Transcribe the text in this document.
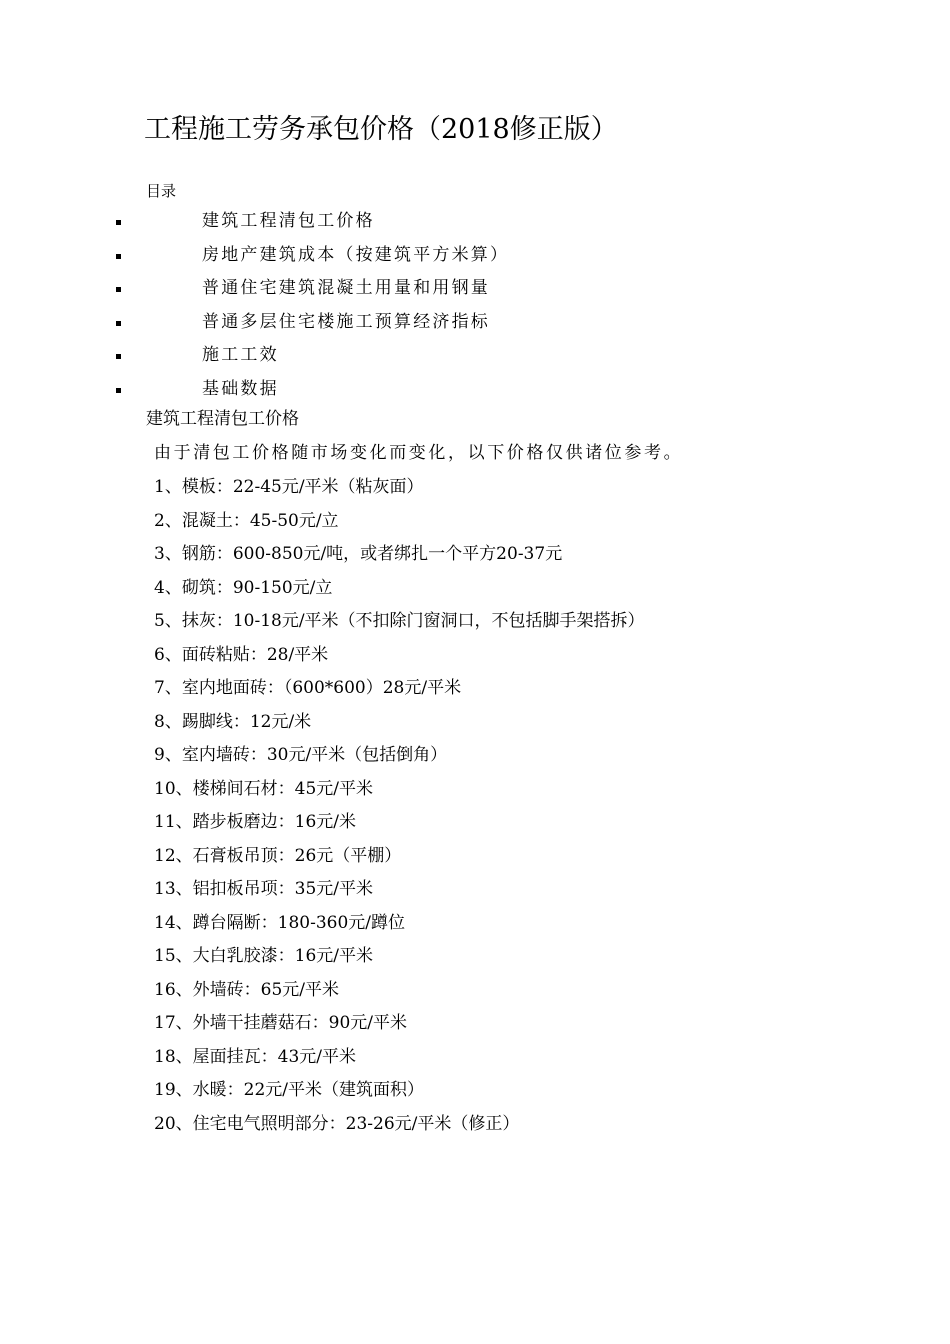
工程施工劳务承包价格（2018修正版）
目录
建筑工程清包工价格
房地产建筑成本（按建筑平方米算）
普通住宅建筑混凝土用量和用钢量
普通多层住宅楼施工预算经济指标
施工工效
基础数据
建筑工程清包工价格
由于清包工价格随市场变化而变化，以下价格仅供诸位参考。
1、模板：22-45元/平米（粘灰面）
2、混凝土：45-50元/立
3、钢筋：600-850元/吨，或者绑扎一个平方20-37元
4、砌筑：90-150元/立
5、抹灰：10-18元/平米（不扣除门窗洞口，不包括脚手架搭拆）
6、面砖粘贴：28/平米
7、室内地面砖：（600*600）28元/平米
8、踢脚线：12元/米
9、室内墙砖：30元/平米（包括倒角）
10、楼梯间石材：45元/平米
11、踏步板磨边：16元/米
12、石膏板吊顶：26元（平棚）
13、铝扣板吊项：35元/平米
14、蹲台隔断：180-360元/蹲位
15、大白乳胶漆：16元/平米
16、外墙砖：65元/平米
17、外墙干挂蘑菇石：90元/平米
18、屋面挂瓦：43元/平米
19、水暖：22元/平米（建筑面积）
20、住宅电气照明部分：23-26元/平米（修正）
